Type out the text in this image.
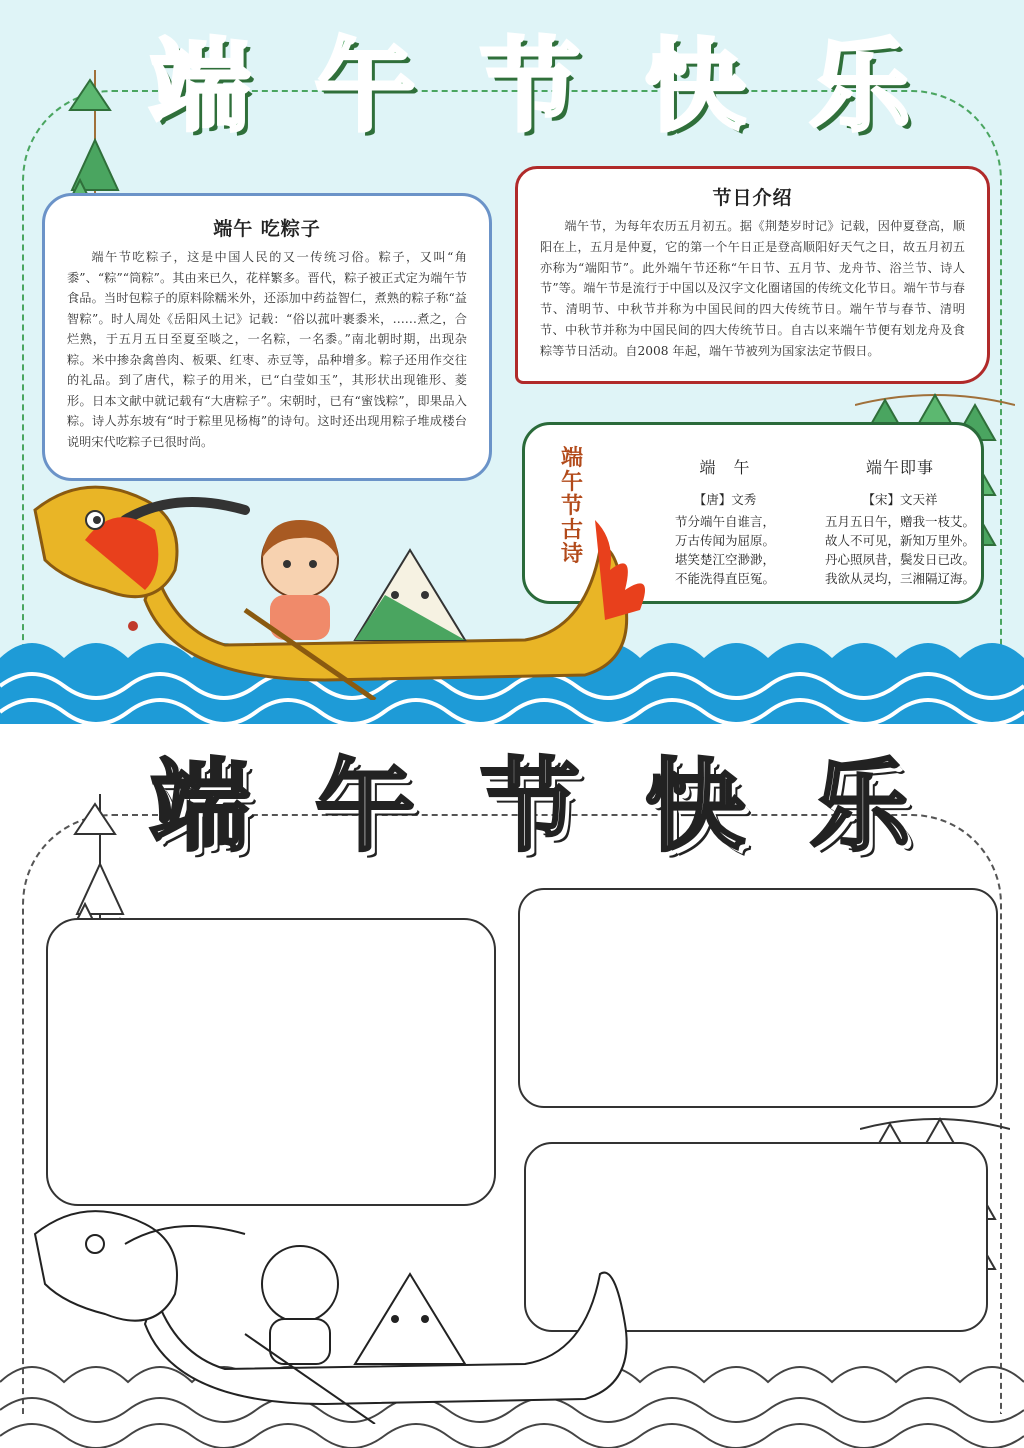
端 午 节 快 乐

端午 吃粽子

端午节吃粽子，这是中国人民的又一传统习俗。粽子，又叫“角黍”、“粽”“筒粽”。其由来已久，花样繁多。晋代，粽子被正式定为端午节食品。当时包粽子的原料除糯米外，还添加中药益智仁，煮熟的粽子称“益智粽”。时人周处《岳阳风土记》记载：“俗以菰叶裹黍米，……煮之，合烂熟，于五月五日至夏至啖之，一名粽，一名黍。”南北朝时期，出现杂粽。米中掺杂禽兽肉、板栗、红枣、赤豆等，品种增多。粽子还用作交往的礼品。到了唐代，粽子的用米，已“白莹如玉”，其形状出现锥形、菱形。日本文献中就记载有“大唐粽子”。宋朝时，已有“蜜饯粽”，即果品入粽。诗人苏东坡有“时于粽里见杨梅”的诗句。这时还出现用粽子堆成楼台说明宋代吃粽子已很时尚。

节日介绍

端午节，为每年农历五月初五。据《荆楚岁时记》记载，因仲夏登高，顺阳在上，五月是仲夏，它的第一个午日正是登高顺阳好天气之日，故五月初五亦称为“端阳节”。此外端午节还称“午日节、五月节、龙舟节、浴兰节、诗人节”等。端午节是流行于中国以及汉字文化圈诸国的传统文化节日。端午节与春节、清明节、中秋节并称为中国民间的四大传统节日。端午节与春节、清明节、中秋节并称为中国民间的四大传统节日。自古以来端午节便有划龙舟及食粽等节日活动。自2008 年起，端午节被列为国家法定节假日。

端午节古诗
端　午
【唐】文秀
节分端午自谁言，
万古传闻为屈原。
堪笑楚江空渺渺，
不能洗得直臣冤。
端午即事
【宋】文天祥
五月五日午，赠我一枝艾。
故人不可见，新知万里外。
丹心照夙昔，鬓发日已改。
我欲从灵均，三湘隔辽海。
端 午 节 快 乐
